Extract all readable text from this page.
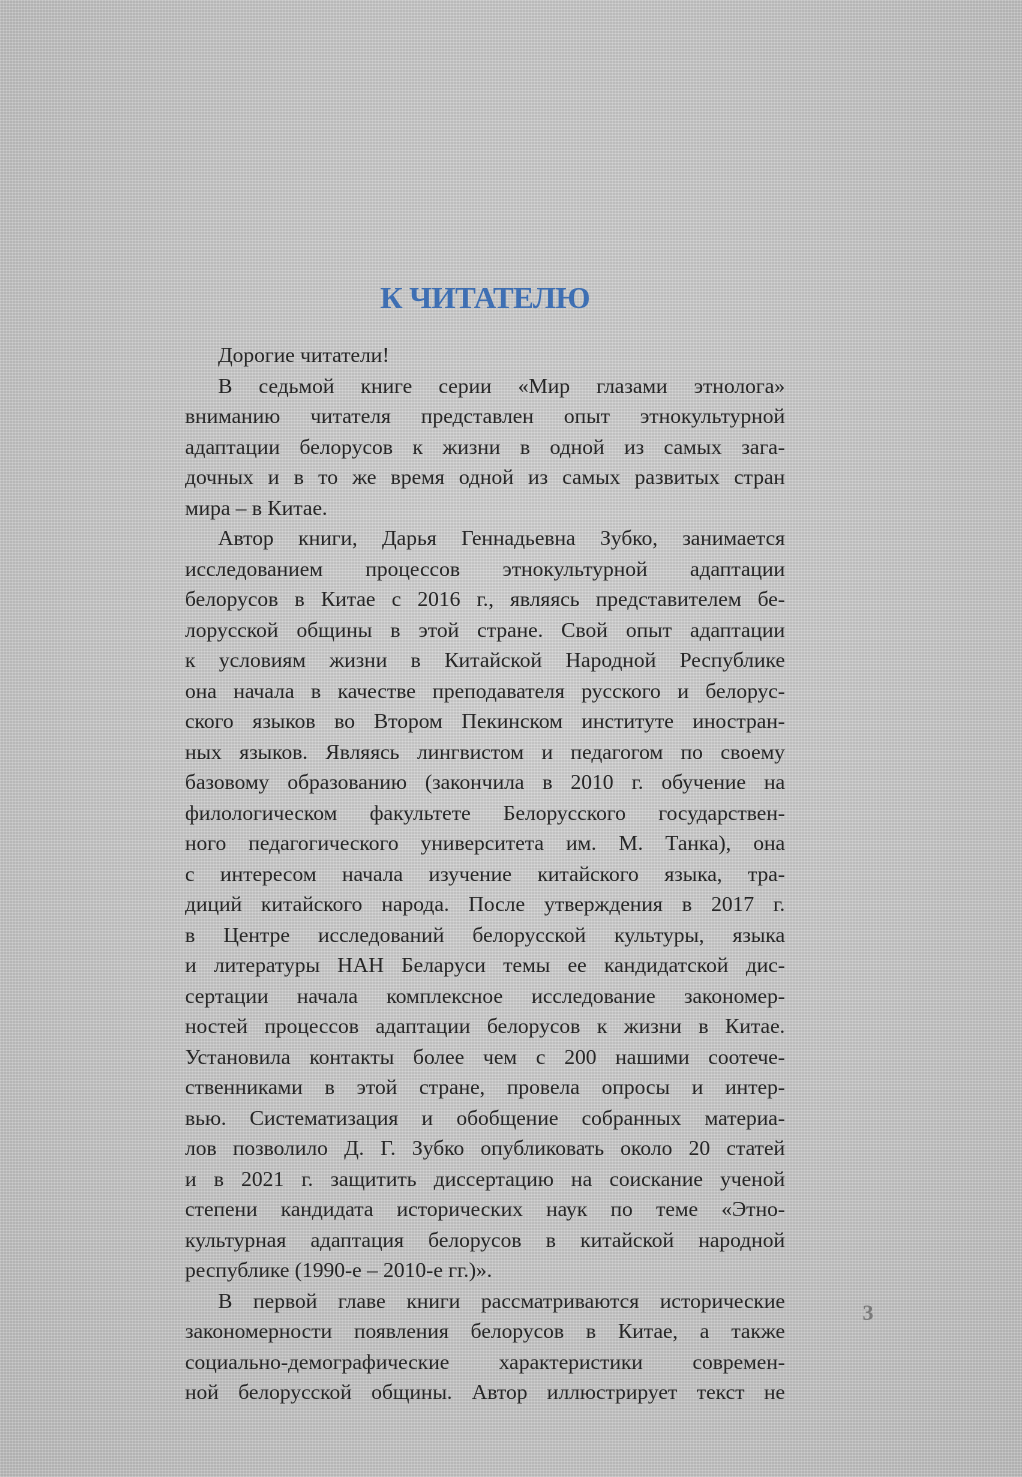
К ЧИТАТЕЛЮ
Дорогие читатели!
В седьмой книге серии «Мир глазами этнолога»
вниманию читателя представлен опыт этнокультурной
адаптации белорусов к жизни в одной из самых зага-
дочных и в то же время одной из самых развитых стран
мира – в Китае.
Автор книги, Дарья Геннадьевна Зубко, занимается
исследованием процессов этнокультурной адаптации
белорусов в Китае с 2016 г., являясь представителем бе-
лорусской общины в этой стране. Свой опыт адаптации
к условиям жизни в Китайской Народной Республике
она начала в качестве преподавателя русского и белорус-
ского языков во Втором Пекинском институте иностран-
ных языков. Являясь лингвистом и педагогом по своему
базовому образованию (закончила в 2010 г. обучение на
филологическом факультете Белорусского государствен-
ного педагогического университета им. М. Танка), она
с интересом начала изучение китайского языка, тра-
диций китайского народа. После утверждения в 2017 г.
в Центре исследований белорусской культуры, языка
и литературы НАН Беларуси темы ее кандидатской дис-
сертации начала комплексное исследование закономер-
ностей процессов адаптации белорусов к жизни в Китае.
Установила контакты более чем с 200 нашими соотече-
ственниками в этой стране, провела опросы и интер-
вью. Систематизация и обобщение собранных материа-
лов позволило Д. Г. Зубко опубликовать около 20 статей
и в 2021 г. защитить диссертацию на соискание ученой
степени кандидата исторических наук по теме «Этно-
культурная адаптация белорусов в китайской народной
республике (1990-е – 2010-е гг.)».
В первой главе книги рассматриваются исторические
закономерности появления белорусов в Китае, а также
социально-демографические характеристики современ-
ной белорусской общины. Автор иллюстрирует текст не
3
